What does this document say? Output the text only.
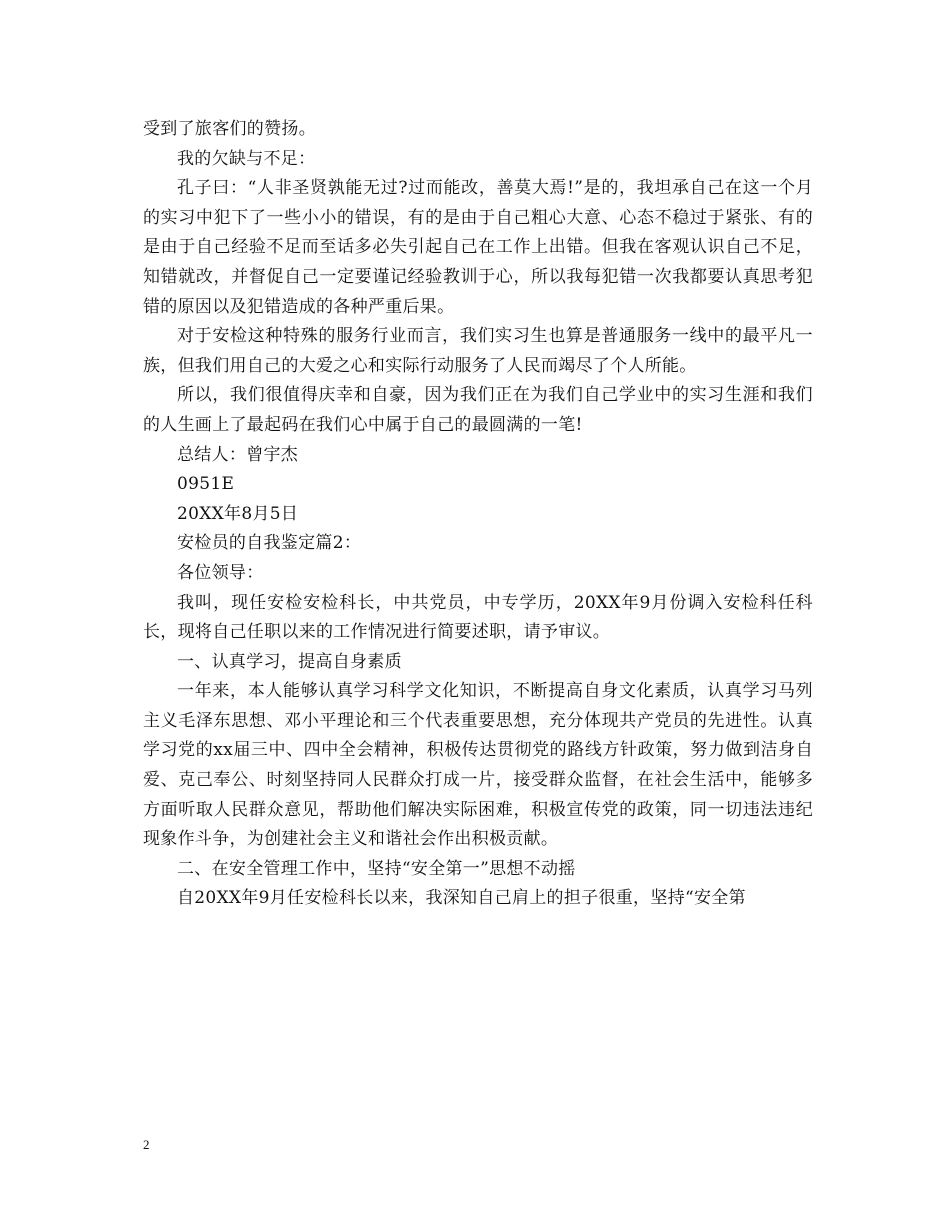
受到了旅客们的赞扬。

我的欠缺与不足：

孔子曰：“人非圣贤孰能无过?过而能改，善莫大焉!”是的，我坦承自己在这一个月的实习中犯下了一些小小的错误，有的是由于自己粗心大意、心态不稳过于紧张、有的是由于自己经验不足而至话多必失引起自己在工作上出错。但我在客观认识自己不足，知错就改，并督促自己一定要谨记经验教训于心，所以我每犯错一次我都要认真思考犯错的原因以及犯错造成的各种严重后果。

对于安检这种特殊的服务行业而言，我们实习生也算是普通服务一线中的最平凡一族，但我们用自己的大爱之心和实际行动服务了人民而竭尽了个人所能。

所以，我们很值得庆幸和自豪，因为我们正在为我们自己学业中的实习生涯和我们的人生画上了最起码在我们心中属于自己的最圆满的一笔!

总结人：曾宇杰

0951E

20XX年8月5日

安检员的自我鉴定篇2：

各位领导：

我叫，现任安检安检科长，中共党员，中专学历，20XX年9月份调入安检科任科长，现将自己任职以来的工作情况进行简要述职，请予审议。

一、认真学习，提高自身素质

一年来，本人能够认真学习科学文化知识，不断提高自身文化素质，认真学习马列主义毛泽东思想、邓小平理论和三个代表重要思想，充分体现共产党员的先进性。认真学习党的xx届三中、四中全会精神，积极传达贯彻党的路线方针政策，努力做到洁身自爱、克己奉公、时刻坚持同人民群众打成一片，接受群众监督，在社会生活中，能够多方面听取人民群众意见，帮助他们解决实际困难，积极宣传党的政策，同一切违法违纪现象作斗争，为创建社会主义和谐社会作出积极贡献。

二、在安全管理工作中，坚持“安全第一”思想不动摇

自20XX年9月任安检科长以来，我深知自己肩上的担子很重，坚持“安全第

2
